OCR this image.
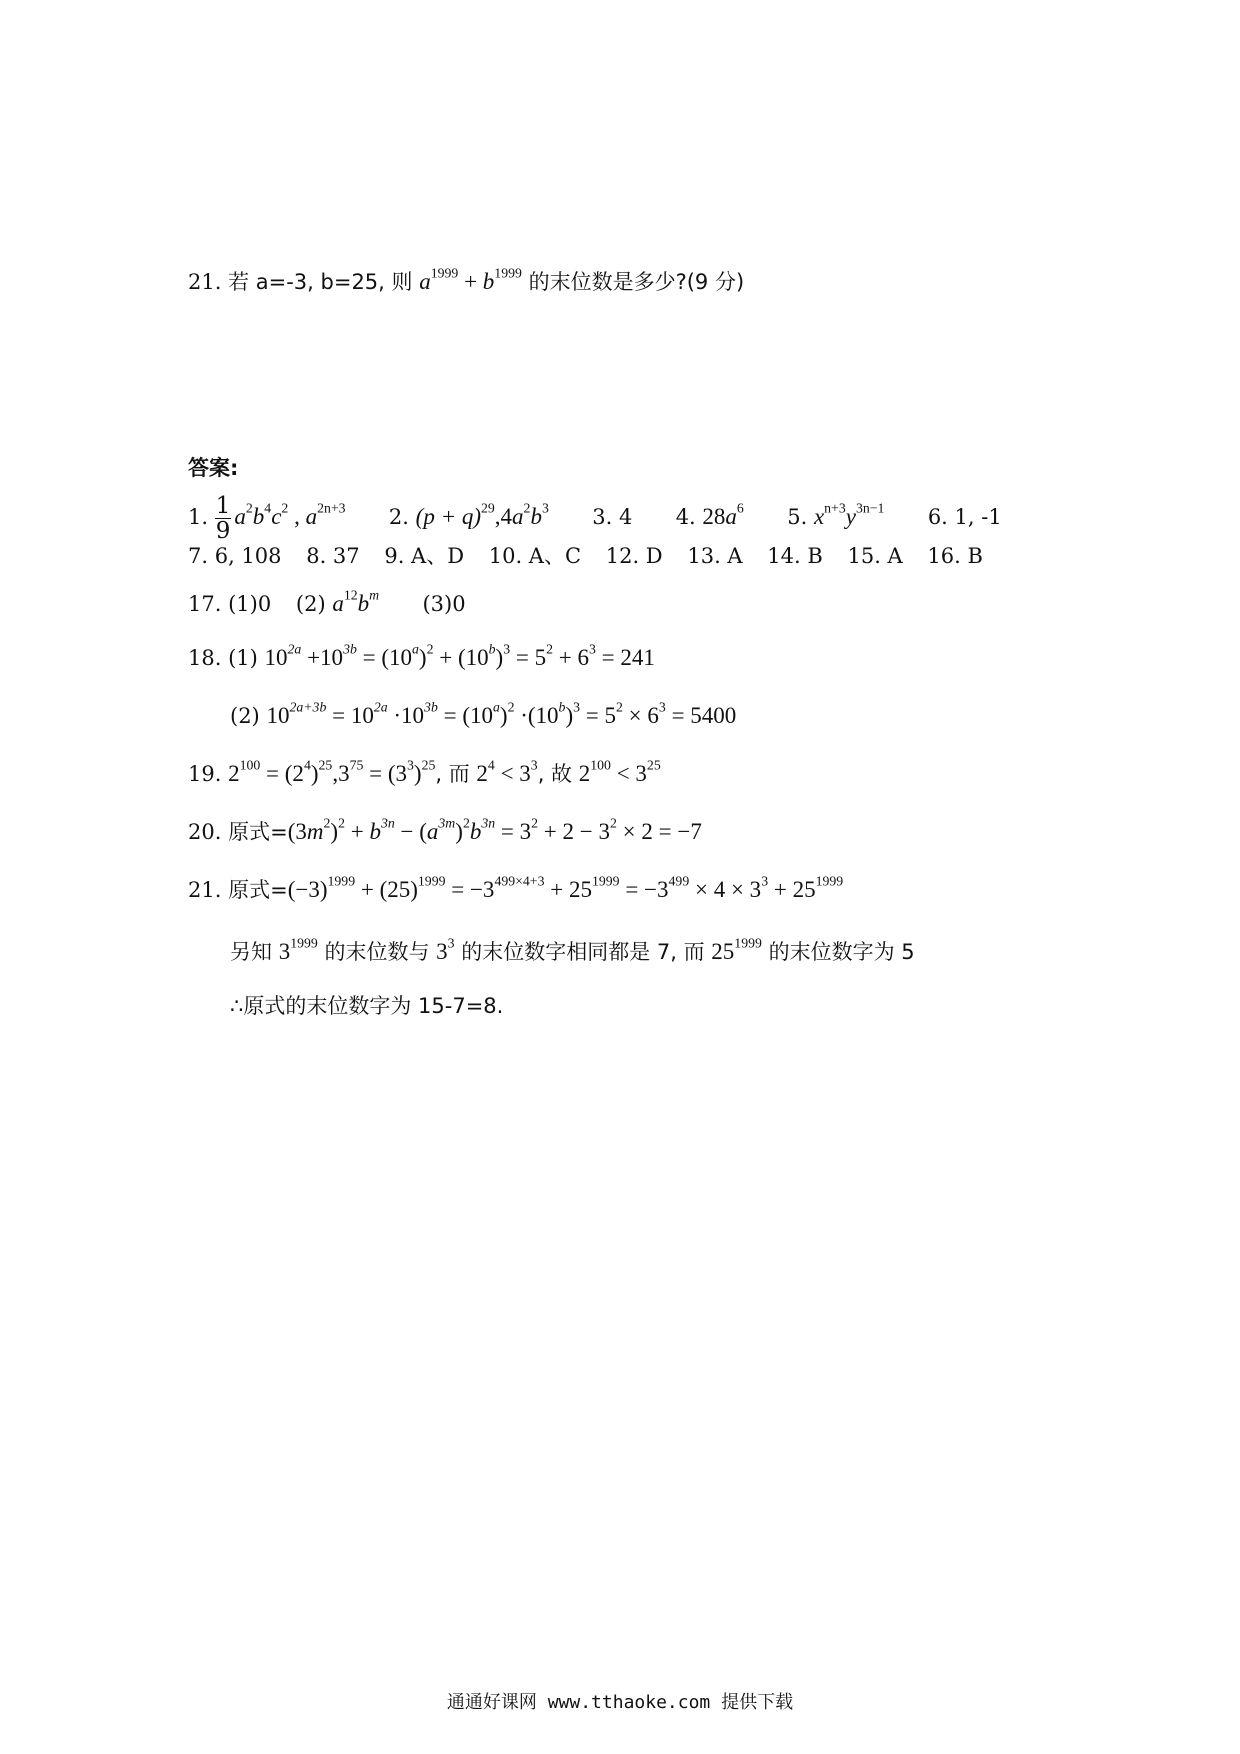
21. 若 a=-3, b=25, 则 $a^{1999} + b^{1999}$ 的末位数是多少?(9 分)
答案:
1. $\frac{1}{9} a^2b^4c^2$ , $a^{2n+3}$ 2. $(p + q)^{29},4a^2b^3$ 3. 4 4. $28a^6$ 5. $x^{n+3}y^{3n-1}$ 6. 1, -1
7. 6, 108 8. 37 9. A、D 10. A、C 12. D 13. A 14. B 15. A 16. B
17. (1)0 (2) $a^{12}b^m$ (3)0
18. (1) $10^{2a} +10^{3b} = (10^a)^2 + (10^b)^3 = 5^2 + 6^3 = 241$
(2) $10^{2a+3b} = 10^{2a} \cdot 10^{3b} = (10^a)^2 \cdot(10^b)^3 = 5^2 \times 6^3 = 5400$
19. $2^{100} = (2^4)^{25},3^{75} = (3^3)^{25}$, 而 $2^4 < 3^3$, 故 $2^{100} < 3^{25}$
20. 原式$=(3m^2)^2 + b^{3n} - (a^{3m})^2b^{3n} = 3^2 + 2 - 3^2 \times 2 = -7$
21. 原式$=(-3)^{1999} + (25)^{1999} = -3^{499\times 4+3} + 25^{1999} = -3^{499} \times 4 \times 3^3 + 25^{1999}$
另知 $3^{1999}$ 的末位数与 $3^3$ 的末位数字相同都是 7, 而 $25^{1999}$ 的末位数字为 5
∴原式的末位数字为 15-7=8.
通通好课网 www.tthaoke.com 提供下载
